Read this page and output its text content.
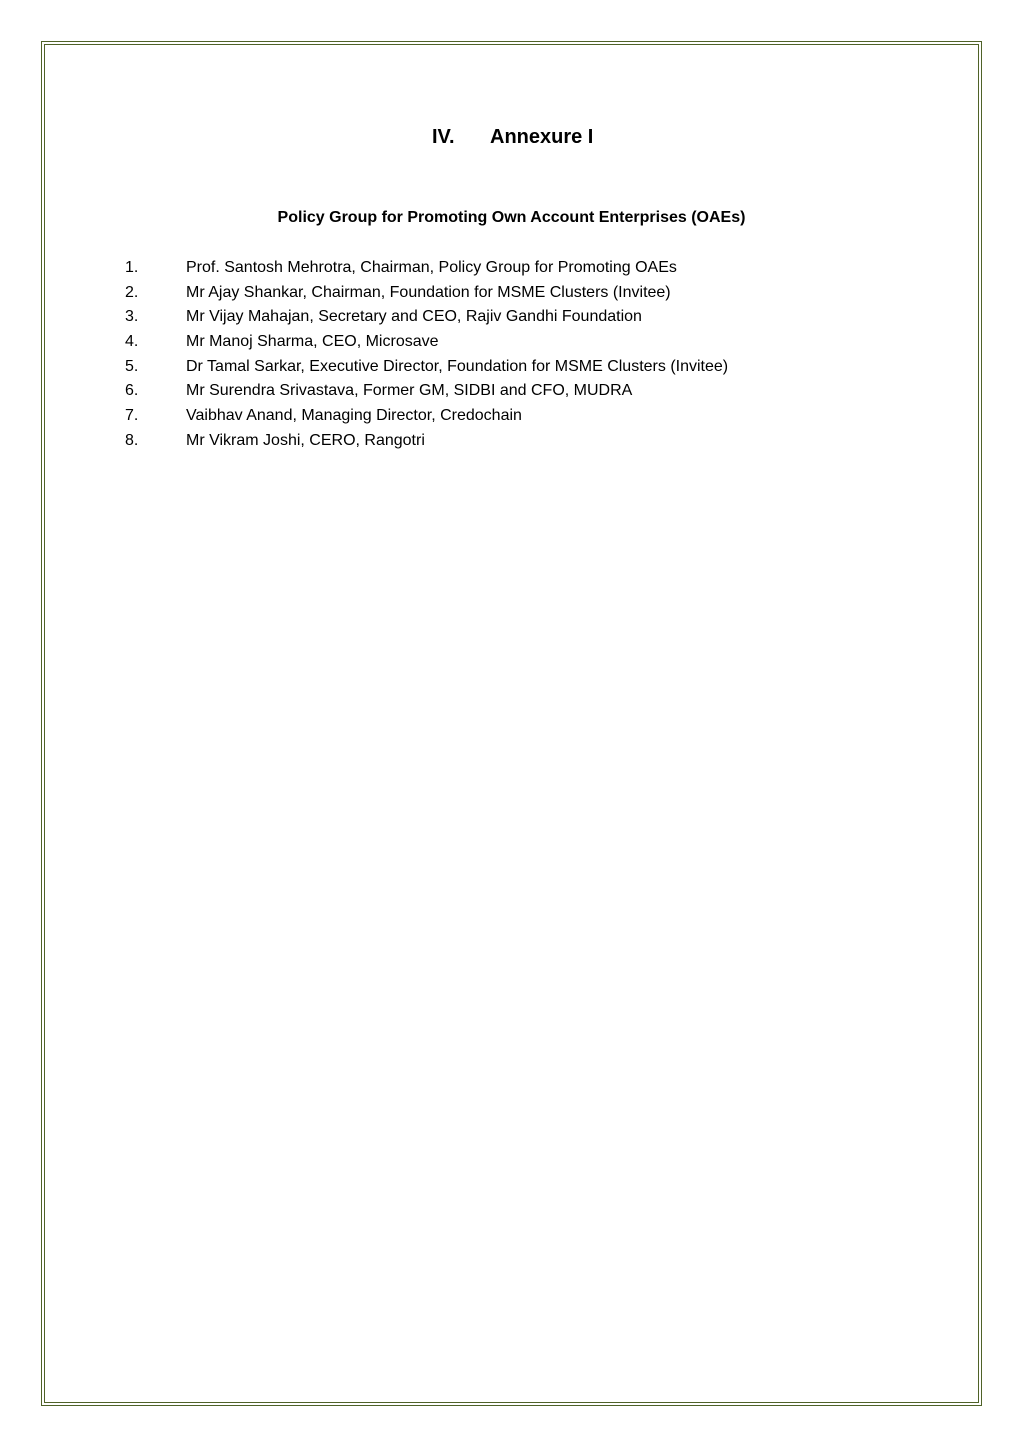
IV. Annexure I
Policy Group for Promoting Own Account Enterprises (OAEs)
1.	Prof. Santosh Mehrotra, Chairman, Policy Group for Promoting OAEs
2.	Mr Ajay Shankar, Chairman, Foundation for MSME Clusters (Invitee)
3.	Mr Vijay Mahajan, Secretary and CEO, Rajiv Gandhi Foundation
4.	Mr Manoj Sharma, CEO, Microsave
5.	Dr Tamal Sarkar, Executive Director, Foundation for MSME Clusters (Invitee)
6.	Mr Surendra Srivastava, Former GM, SIDBI and CFO, MUDRA
7.	Vaibhav Anand, Managing Director, Credochain
8.	Mr Vikram Joshi, CERO, Rangotri
